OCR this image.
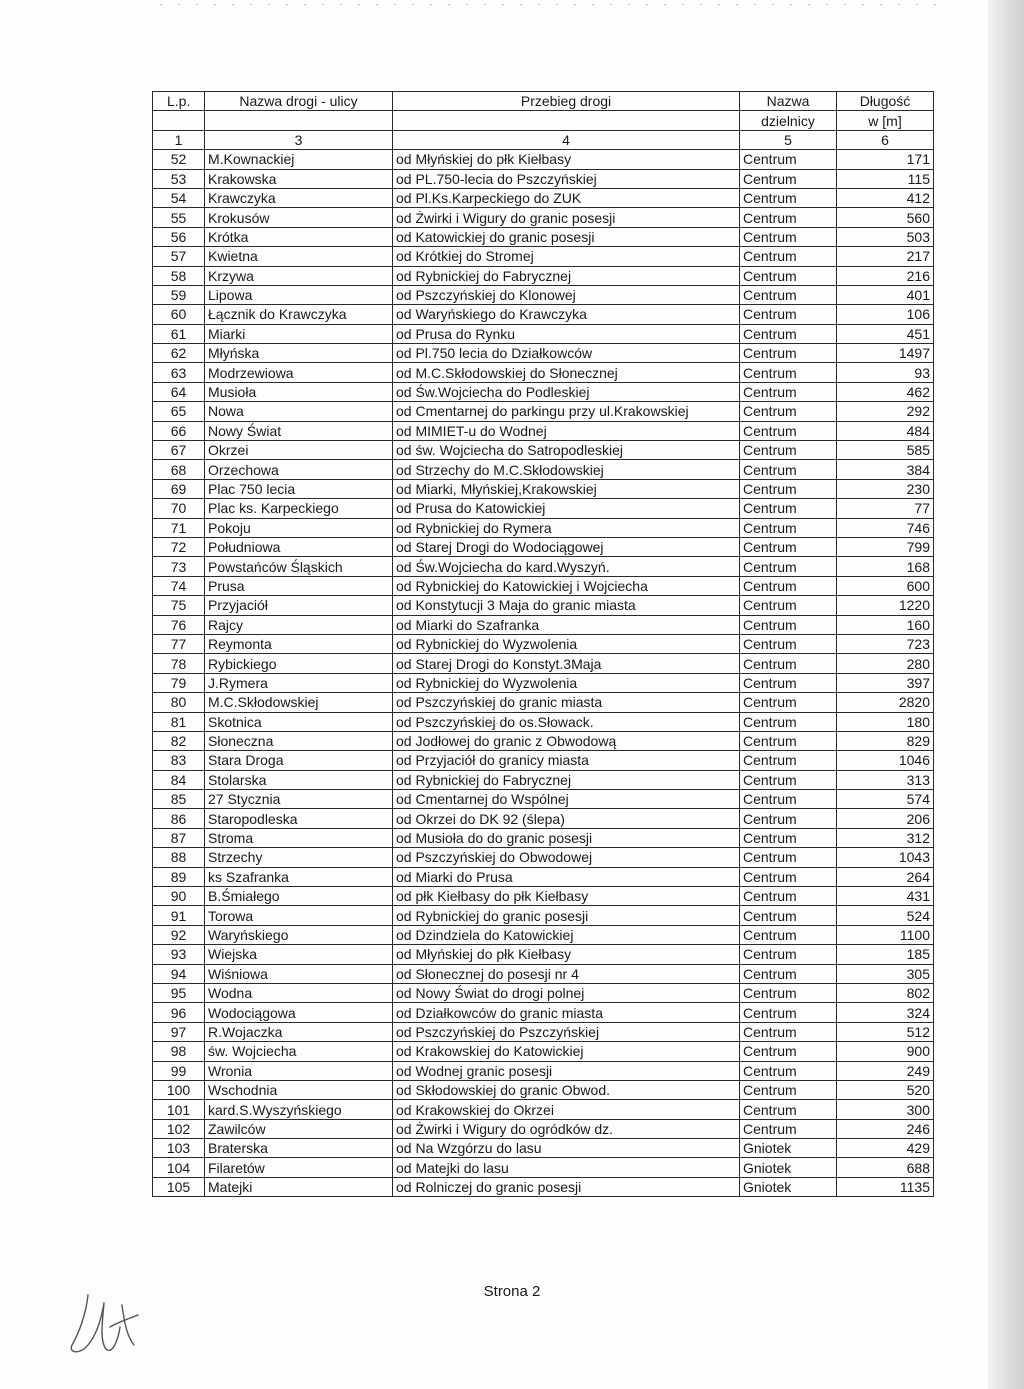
L.p.	Nazwa drogi - ulicy	Przebieg drogi	Nazwa	Długość
			dzielnicy	w [m]
1	3	4	5	6
52	M.Kownackiej	od Młyńskiej do płk Kiełbasy	Centrum	171
53	Krakowska	od PL.750-lecia do Pszczyńskiej	Centrum	115
54	Krawczyka	od Pl.Ks.Karpeckiego do ZUK	Centrum	412
55	Krokusów	od Żwirki i Wigury do granic posesji	Centrum	560
56	Krótka	od Katowickiej do granic posesji	Centrum	503
57	Kwietna	od Krótkiej do Stromej	Centrum	217
58	Krzywa	od Rybnickiej do Fabrycznej	Centrum	216
59	Lipowa	od Pszczyńskiej do Klonowej	Centrum	401
60	Łącznik do Krawczyka	od Waryńskiego do Krawczyka	Centrum	106
61	Miarki	od Prusa do Rynku	Centrum	451
62	Młyńska	od Pl.750 lecia do Działkowców	Centrum	1497
63	Modrzewiowa	od M.C.Skłodowskiej do Słonecznej	Centrum	93
64	Musioła	od Św.Wojciecha do Podleskiej	Centrum	462
65	Nowa	od Cmentarnej do parkingu przy ul.Krakowskiej	Centrum	292
66	Nowy Świat	od MIMIET-u do Wodnej	Centrum	484
67	Okrzei	od św. Wojciecha do Satropodleskiej	Centrum	585
68	Orzechowa	od Strzechy do M.C.Skłodowskiej	Centrum	384
69	Plac 750 lecia	od Miarki, Młyńskiej,Krakowskiej	Centrum	230
70	Plac ks. Karpeckiego	od Prusa do Katowickiej	Centrum	77
71	Pokoju	od Rybnickiej do Rymera	Centrum	746
72	Południowa	od Starej Drogi do Wodociągowej	Centrum	799
73	Powstańców Śląskich	od Św.Wojciecha do kard.Wyszyń.	Centrum	168
74	Prusa	od Rybnickiej do Katowickiej i Wojciecha	Centrum	600
75	Przyjaciół	od Konstytucji 3 Maja do granic miasta	Centrum	1220
76	Rajcy	od Miarki do Szafranka	Centrum	160
77	Reymonta	od Rybnickiej do Wyzwolenia	Centrum	723
78	Rybickiego	od Starej Drogi do Konstyt.3Maja	Centrum	280
79	J.Rymera	od Rybnickiej do Wyzwolenia	Centrum	397
80	M.C.Skłodowskiej	od Pszczyńskiej do granic miasta	Centrum	2820
81	Skotnica	od Pszczyńskiej do os.Słowack.	Centrum	180
82	Słoneczna	od Jodłowej do granic z Obwodową	Centrum	829
83	Stara Droga	od Przyjaciół do granicy miasta	Centrum	1046
84	Stolarska	od Rybnickiej do Fabrycznej	Centrum	313
85	27 Stycznia	od Cmentarnej do Wspólnej	Centrum	574
86	Staropodleska	od Okrzei do DK 92 (ślepa)	Centrum	206
87	Stroma	od Musioła do do granic posesji	Centrum	312
88	Strzechy	od Pszczyńskiej do Obwodowej	Centrum	1043
89	ks Szafranka	od Miarki do Prusa	Centrum	264
90	B.Śmiałego	od płk Kiełbasy do płk Kiełbasy	Centrum	431
91	Torowa	od Rybnickiej do granic posesji	Centrum	524
92	Waryńskiego	od Dzindziela do Katowickiej	Centrum	1100
93	Wiejska	od Młyńskiej do płk Kiełbasy	Centrum	185
94	Wiśniowa	od Słonecznej do posesji nr 4	Centrum	305
95	Wodna	od Nowy Świat do drogi polnej	Centrum	802
96	Wodociągowa	od Działkowców do granic miasta	Centrum	324
97	R.Wojaczka	od Pszczyńskiej do Pszczyńskiej	Centrum	512
98	św. Wojciecha	od Krakowskiej do Katowickiej	Centrum	900
99	Wronia	od Wodnej granic posesji	Centrum	249
100	Wschodnia	od Skłodowskiej do granic Obwod.	Centrum	520
101	kard.S.Wyszyńskiego	od Krakowskiej do Okrzei	Centrum	300
102	Zawilców	od Żwirki i Wigury do ogródków dz.	Centrum	246
103	Braterska	od Na Wzgórzu do lasu	Gniotek	429
104	Filaretów	od Matejki do lasu	Gniotek	688
105	Matejki	od Rolniczej do granic posesji	Gniotek	1135
Strona 2
